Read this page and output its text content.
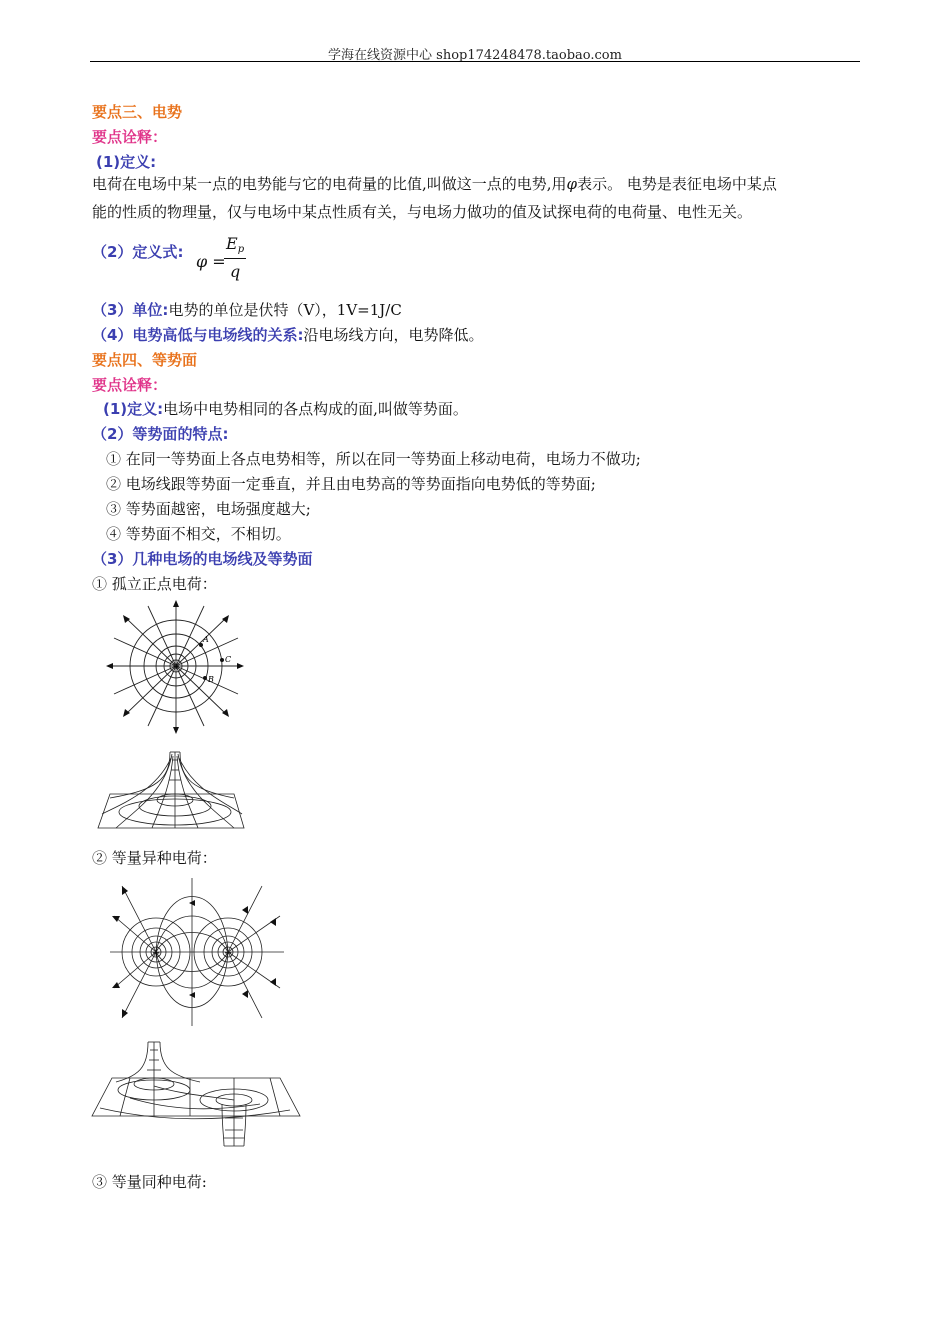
学海在线资源中心 shop174248478.taobao.com
要点三、电势
要点诠释：
(1)定义:
电荷在电场中某一点的电势能与它的电荷量的比值,叫做这一点的电势,用φ表示。 电势是表征电场中某点
能的性质的物理量，仅与电场中某点性质有关，与电场力做功的值及试探电荷的电荷量、电性无关。
（2）定义式: φ =
$E_p$
q
（3）单位:电势的单位是伏特（V），1V=1J/C
（4）电势高低与电场线的关系:沿电场线方向，电势降低。
要点四、等势面
要点诠释：
(1)定义:电场中电势相同的各点构成的面,叫做等势面。
（2）等势面的特点:
① 在同一等势面上各点电势相等，所以在同一等势面上移动电荷，电场力不做功;
② 电场线跟等势面一定垂直，并且由电势高的等势面指向电势低的等势面;
③ 等势面越密，电场强度越大;
④ 等势面不相交，不相切。
（3）几种电场的电场线及等势面
① 孤立正点电荷：
A
C
B
+
② 等量异种电荷：
+	−
③ 等量同种电荷:
